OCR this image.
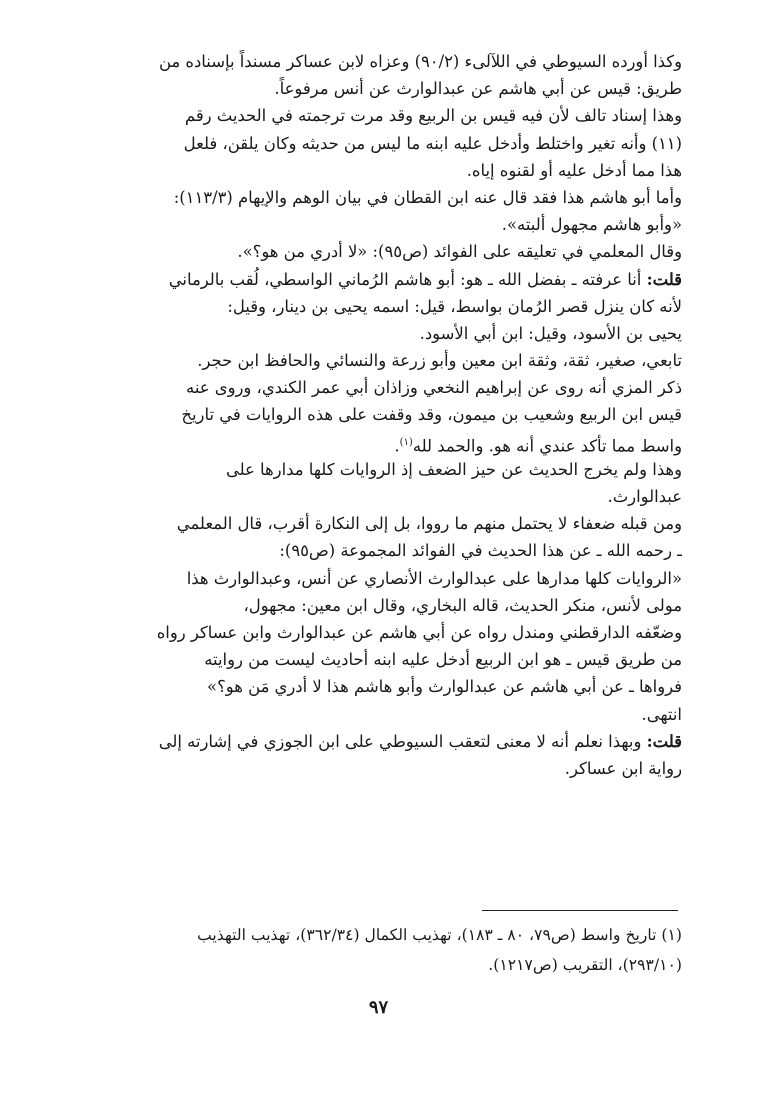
وكذا أورده السيوطي في اللآلىء (٩٠/٢) وعزاه لابن عساكر مسنداً بإسناده من
طريق: قيس عن أبي هاشم عن عبدالوارث عن أنس مرفوعاً.
وهذا إسناد تالف لأن فيه قيس بن الربيع وقد مرت ترجمته في الحديث رقم
(١١) وأنه تغير واختلط وأدخل عليه ابنه ما ليس من حديثه وكان يلقن، فلعل
هذا مما أدخل عليه أو لقنوه إياه.
وأما أبو هاشم هذا فقد قال عنه ابن القطان في بيان الوهم والإيهام (١١٣/٣):
«وأبو هاشم مجهول ألبته».
وقال المعلمي في تعليقه على الفوائد (ص٩٥): «لا أدري من هو؟».
قلت: أنا عرفته ـ بفضل الله ـ هو: أبو هاشم الرُماني الواسطي، لُقب بالرماني
لأنه كان ينزل قصر الرُمان بواسط، قيل: اسمه يحيى بن دينار، وقيل:
يحيى بن الأسود، وقيل: ابن أبي الأسود.
تابعي، صغير، ثقة، وثقة ابن معين وأبو زرعة والنسائي والحافظ ابن حجر.
ذكر المزي أنه روى عن إبراهيم النخعي وزاذان أبي عمر الكندي، وروى عنه
قيس ابن الربيع وشعيب بن ميمون، وقد وقفت على هذه الروايات في تاريخ
واسط مما تأكد عندي أنه هو. والحمد لله$^{(١)}$.
وهذا ولم يخرج الحديث عن حيز الضعف إذ الروايات كلها مدارها على
عبدالوارث.
ومن قبله ضعفاء لا يحتمل منهم ما رووا، بل إلى النكارة أقرب، قال المعلمي
ـ رحمه الله ـ عن هذا الحديث في الفوائد المجموعة (ص٩٥):
«الروايات كلها مدارها على عبدالوارث الأنصاري عن أنس، وعبدالوارث هذا
مولى لأنس، منكر الحديث، قاله البخاري، وقال ابن معين: مجهول،
وضعّفه الدارقطني ومندل رواه عن أبي هاشم عن عبدالوارث وابن عساكر رواه
من طريق قيس ـ هو ابن الربيع أدخل عليه ابنه أحاديث ليست من روايته
فرواها ـ عن أبي هاشم عن عبدالوارث وأبو هاشم هذا لا أدري مَن هو؟»
انتهى.
قلت: وبهذا نعلم أنه لا معنى لتعقب السيوطي على ابن الجوزي في إشارته إلى
رواية ابن عساكر.
(١) تاريخ واسط (ص٧٩، ٨٠ ـ ١٨٣)، تهذيب الكمال (٣٦٢/٣٤)، تهذيب التهذيب
(٢٩٣/١٠)، التقريب (ص١٢١٧).
٩٧
